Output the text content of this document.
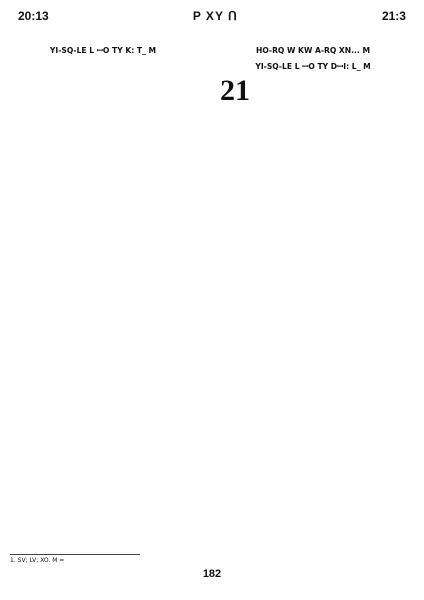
20:13	P XY Ո	21:3
YI-SQ-LE L ꟷO TY K: T_ M	HO-RQ W KW A-RQ XN... M
YI-SQ-LE L ꟷO TY DꟷI: L_ M
21
1. SV; LV; XO. M =
182
